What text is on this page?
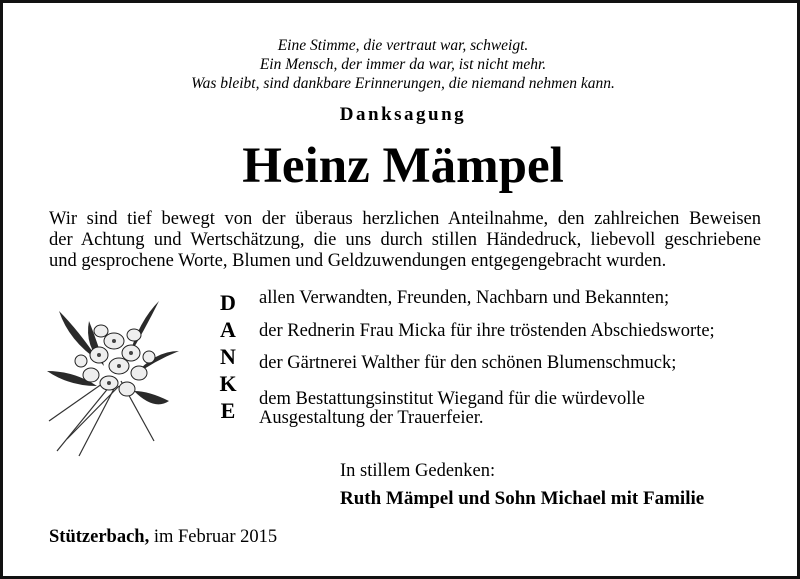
Eine Stimme, die vertraut war, schweigt.
Ein Mensch, der immer da war, ist nicht mehr.
Was bleibt, sind dankbare Erinnerungen, die niemand nehmen kann.
Danksagung
Heinz Mämpel
Wir sind tief bewegt von der überaus herzlichen Anteilnahme, den zahlreichen Beweisen
der Achtung und Wertschätzung, die uns durch stillen Händedruck, liebevoll geschriebene
und gesprochene Worte, Blumen und Geldzuwendungen entgegengebracht wurden.
D
A
N
K
E
allen Verwandten, Freunden, Nachbarn und Bekannten;
der Rednerin Frau Micka für ihre tröstenden Abschiedsworte;
der Gärtnerei Walther für den schönen Blumenschmuck;
dem Bestattungsinstitut Wiegand für die würdevolle
Ausgestaltung der Trauerfeier.
In stillem Gedenken:
Ruth Mämpel und Sohn Michael mit Familie
Stützerbach, im Februar 2015
